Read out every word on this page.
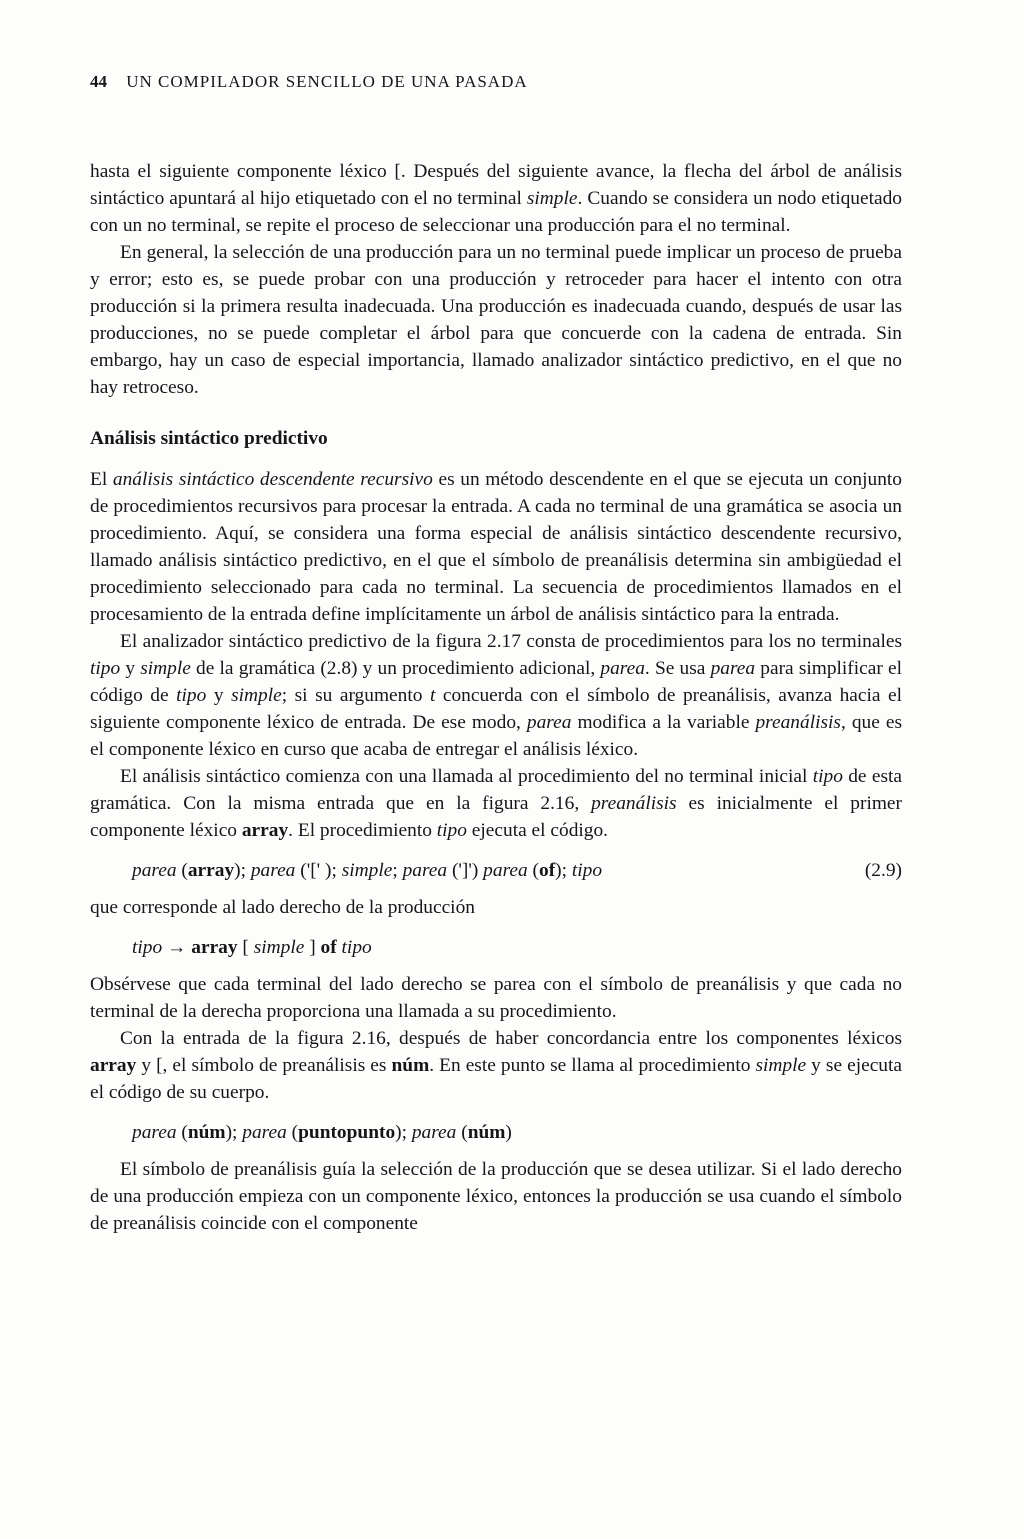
44 UN COMPILADOR SENCILLO DE UNA PASADA

hasta el siguiente componente léxico [. Después del siguiente avance, la flecha del árbol de análisis sintáctico apuntará al hijo etiquetado con el no terminal simple. Cuando se considera un nodo etiquetado con un no terminal, se repite el proceso de seleccionar una producción para el no terminal.

En general, la selección de una producción para un no terminal puede implicar un proceso de prueba y error; esto es, se puede probar con una producción y retroceder para hacer el intento con otra producción si la primera resulta inadecuada. Una producción es inadecuada cuando, después de usar las producciones, no se puede completar el árbol para que concuerde con la cadena de entrada. Sin embargo, hay un caso de especial importancia, llamado analizador sintáctico predictivo, en el que no hay retroceso.

Análisis sintáctico predictivo

El análisis sintáctico descendente recursivo es un método descendente en el que se ejecuta un conjunto de procedimientos recursivos para procesar la entrada. A cada no terminal de una gramática se asocia un procedimiento. Aquí, se considera una forma especial de análisis sintáctico descendente recursivo, llamado análisis sintáctico predictivo, en el que el símbolo de preanálisis determina sin ambigüedad el procedimiento seleccionado para cada no terminal. La secuencia de procedimientos llamados en el procesamiento de la entrada define implícitamente un árbol de análisis sintáctico para la entrada.

El analizador sintáctico predictivo de la figura 2.17 consta de procedimientos para los no terminales tipo y simple de la gramática (2.8) y un procedimiento adicional, parea. Se usa parea para simplificar el código de tipo y simple; si su argumento t concuerda con el símbolo de preanálisis, avanza hacia el siguiente componente léxico de entrada. De ese modo, parea modifica a la variable preanálisis, que es el componente léxico en curso que acaba de entregar el análisis léxico.

El análisis sintáctico comienza con una llamada al procedimiento del no terminal inicial tipo de esta gramática. Con la misma entrada que en la figura 2.16, preanálisis es inicialmente el primer componente léxico array. El procedimiento tipo ejecuta el código.

parea (array); parea ('[' ); simple; parea (']') parea (of); tipo	(2.9)

que corresponde al lado derecho de la producción

tipo → array [ simple ] of tipo

Obsérvese que cada terminal del lado derecho se parea con el símbolo de preanálisis y que cada no terminal de la derecha proporciona una llamada a su procedimiento.

Con la entrada de la figura 2.16, después de haber concordancia entre los componentes léxicos array y [, el símbolo de preanálisis es núm. En este punto se llama al procedimiento simple y se ejecuta el código de su cuerpo.

parea (núm); parea (puntopunto); parea (núm)

El símbolo de preanálisis guía la selección de la producción que se desea utilizar. Si el lado derecho de una producción empieza con un componente léxico, entonces la producción se usa cuando el símbolo de preanálisis coincide con el componente
